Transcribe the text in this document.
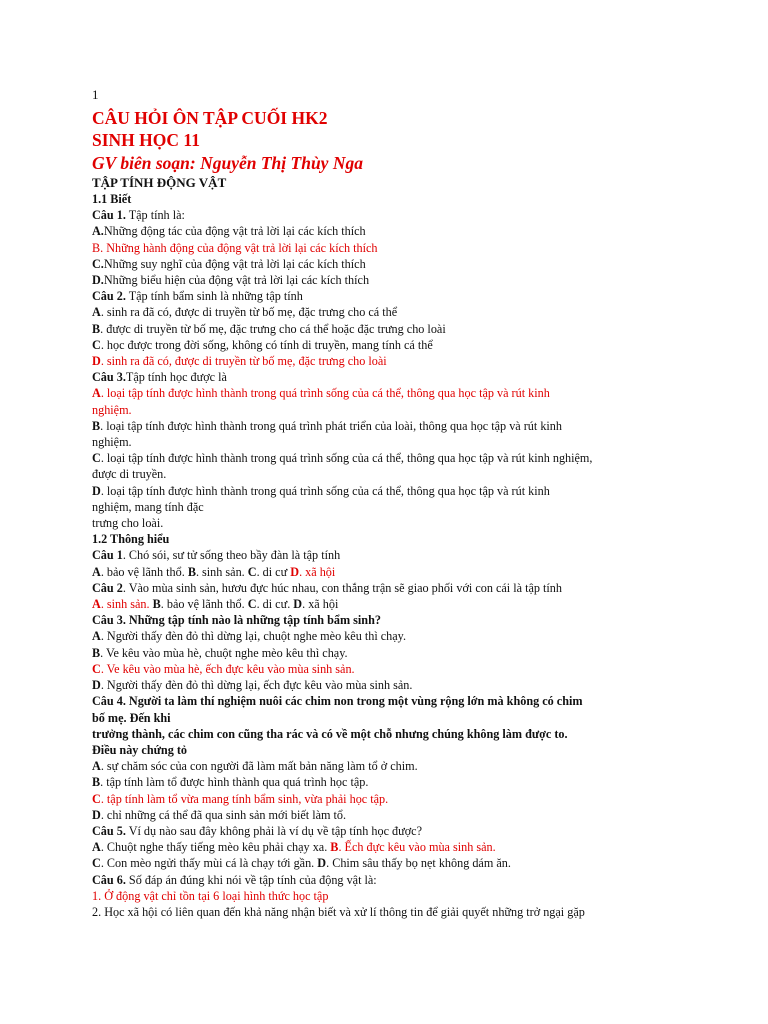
1
CÂU HỎI ÔN TẬP CUỐI HK2
SINH HỌC 11
GV biên soạn: Nguyễn Thị Thùy Nga
TẬP TÍNH ĐỘNG VẬT
1.1 Biết
Câu 1. Tập tính là:
A.Những động tác của động vật trả lời lại các kích thích
B. Những hành động của động vật trả lời lại các kích thích
C.Những suy nghĩ của động vật trả lời lại các kích thích
D.Những biểu hiện của động vật trả lời lại các kích thích
Câu 2. Tập tính bẩm sinh là những tập tính
A. sinh ra đã có, được di truyền từ bố mẹ, đặc trưng cho cá thể
B. được di truyền từ bố mẹ, đặc trưng cho cá thể hoặc đặc trưng cho loài
C. học được trong đời sống, không có tính di truyền, mang tính cá thể
D. sinh ra đã có, được di truyền từ bố mẹ, đặc trưng cho loài
Câu 3.Tập tính học được là
A. loại tập tính được hình thành trong quá trình sống của cá thể, thông qua học tập và rút kinh
nghiệm.
B. loại tập tính được hình thành trong quá trình phát triển của loài, thông qua học tập và rút kinh
nghiệm.
C. loại tập tính được hình thành trong quá trình sống của cá thể, thông qua học tập và rút kinh nghiệm,
được di truyền.
D. loại tập tính được hình thành trong quá trình sống của cá thể, thông qua học tập và rút kinh
nghiệm, mang tính đặc
trưng cho loài.
1.2 Thông hiểu
Câu 1. Chó sói, sư tử sống theo bầy đàn là tập tính
A. bảo vệ lãnh thổ. B. sinh sản. C. di cư D. xã hội
Câu 2. Vào mùa sinh sản, hươu đực húc nhau, con thắng trận sẽ giao phối với con cái là tập tính
A. sinh sản. B. bảo vệ lãnh thổ. C. di cư. D. xã hội
Câu 3. Những tập tính nào là những tập tính bẩm sinh?
A. Người thấy đèn đỏ thì dừng lại, chuột nghe mèo kêu thì chạy.
B. Ve kêu vào mùa hè, chuột nghe mèo kêu thì chạy.
C. Ve kêu vào mùa hè, ếch đực kêu vào mùa sinh sản.
D. Người thấy đèn đỏ thì dừng lại, ếch đực kêu vào mùa sinh sản.
Câu 4. Người ta làm thí nghiệm nuôi các chim non trong một vùng rộng lớn mà không có chim
bố mẹ. Đến khi
trưởng thành, các chim con cũng tha rác và có về một chỗ nhưng chúng không làm được to.
Điều này chứng tỏ
A. sự chăm sóc của con người đã làm mất bản năng làm tổ ở chim.
B. tập tính làm tổ được hình thành qua quá trình học tập.
C. tập tính làm tổ vừa mang tính bẩm sinh, vừa phải học tập.
D. chỉ những cá thể đã qua sinh sản mới biết làm tổ.
Câu 5. Ví dụ nào sau đây không phải là ví dụ về tập tính học được?
A. Chuột nghe thấy tiếng mèo kêu phải chạy xa. B. Ếch đực kêu vào mùa sinh sản.
C. Con mèo ngửi thấy mùi cá là chạy tới gần. D. Chim sâu thấy bọ nẹt không dám ăn.
Câu 6. Số đáp án đúng khi nói về tập tính của động vật là:
1. Ở động vật chỉ tồn tại 6 loại hình thức học tập
2. Học xã hội có liên quan đến khả năng nhận biết và xử lí thông tin để giải quyết những trở ngại gặp
